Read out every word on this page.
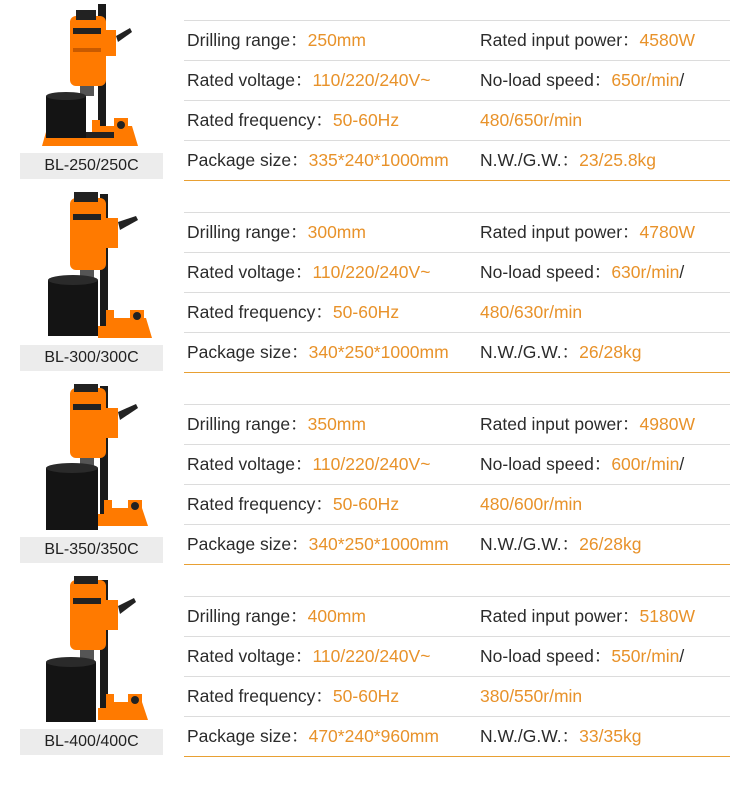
BL-250/250C
Drilling range：250mm	Rated input power：4580W
Rated voltage：110/220/240V~	No-load speed：650r/min/
Rated frequency：50-60Hz	480/650r/min
Package size：335*240*1000mm N.W./G.W.：23/25.8kg
BL-300/300C
Drilling range：300mm	Rated input power：4780W
Rated voltage：110/220/240V~	No-load speed：630r/min/
Rated frequency：50-60Hz	480/630r/min
Package size：340*250*1000mm N.W./G.W.：26/28kg
BL-350/350C
Drilling range：350mm	Rated input power：4980W
Rated voltage：110/220/240V~	No-load speed：600r/min/
Rated frequency：50-60Hz	480/600r/min
Package size：340*250*1000mm N.W./G.W.：26/28kg
BL-400/400C
Drilling range：400mm	Rated input power：5180W
Rated voltage：110/220/240V~	No-load speed：550r/min/
Rated frequency：50-60Hz	380/550r/min
Package size：470*240*960mm N.W./G.W.：33/35kg
